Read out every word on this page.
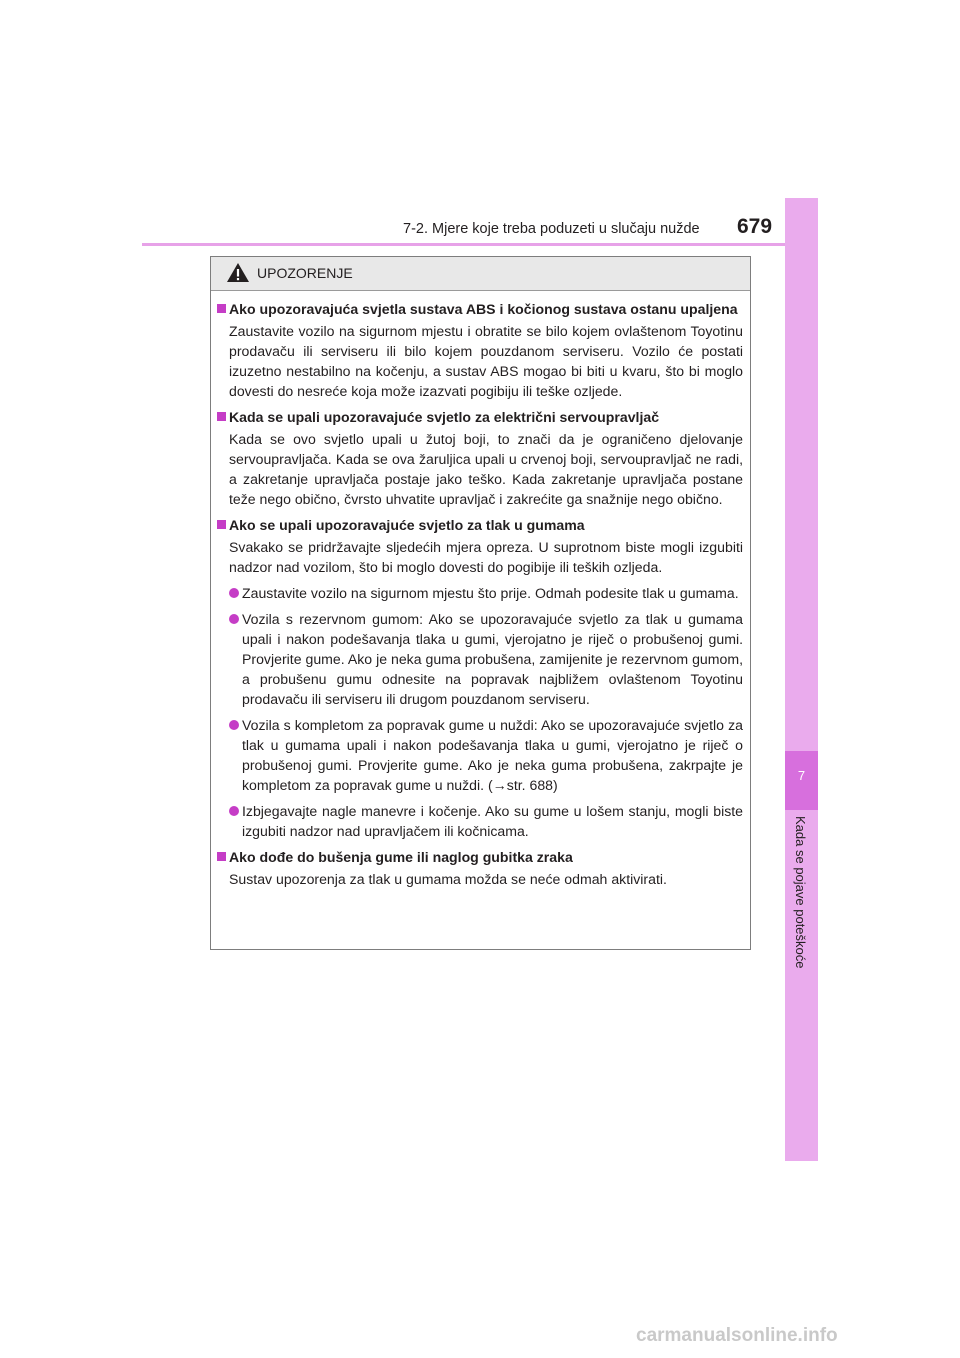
7-2. Mjere koje treba poduzeti u slučaju nužde 679
7
Kada se pojave poteškoće
UPOZORENJE
Ako upozoravajuća svjetla sustava ABS i kočionog sustava ostanu upaljena
Zaustavite vozilo na sigurnom mjestu i obratite se bilo kojem ovlaštenom Toyotinu prodavaču ili serviseru ili bilo kojem pouzdanom serviseru. Vozilo će postati izuzetno nestabilno na kočenju, a sustav ABS mogao bi biti u kvaru, što bi moglo dovesti do nesreće koja može izazvati pogibiju ili teške ozljede.
Kada se upali upozoravajuće svjetlo za električni servoupravljač
Kada se ovo svjetlo upali u žutoj boji, to znači da je ograničeno djelovanje servoupravljača. Kada se ova žaruljica upali u crvenoj boji, servoupravljač ne radi, a zakretanje upravljača postaje jako teško. Kada zakretanje upravljača postane teže nego obično, čvrsto uhvatite upravljač i zakrećite ga snažnije nego obično.
Ako se upali upozoravajuće svjetlo za tlak u gumama
Svakako se pridržavajte sljedećih mjera opreza. U suprotnom biste mogli izgubiti nadzor nad vozilom, što bi moglo dovesti do pogibije ili teških ozljeda.
Zaustavite vozilo na sigurnom mjestu što prije. Odmah podesite tlak u gumama.
Vozila s rezervnom gumom: Ako se upozoravajuće svjetlo za tlak u gumama upali i nakon podešavanja tlaka u gumi, vjerojatno je riječ o probušenoj gumi. Provjerite gume. Ako je neka guma probušena, zamijenite je rezervnom gumom, a probušenu gumu odnesite na popravak najbližem ovlaštenom Toyotinu prodavaču ili serviseru ili drugom pouzdanom serviseru.
Vozila s kompletom za popravak gume u nuždi: Ako se upozoravajuće svjetlo za tlak u gumama upali i nakon podešavanja tlaka u gumi, vjerojatno je riječ o probušenoj gumi. Provjerite gume. Ako je neka guma probušena, zakrpajte je kompletom za popravak gume u nuždi. (→str. 688)
Izbjegavajte nagle manevre i kočenje. Ako su gume u lošem stanju, mogli biste izgubiti nadzor nad upravljačem ili kočnicama.
Ako dođe do bušenja gume ili naglog gubitka zraka
Sustav upozorenja za tlak u gumama možda se neće odmah aktivirati.
carmanualsonline.info
